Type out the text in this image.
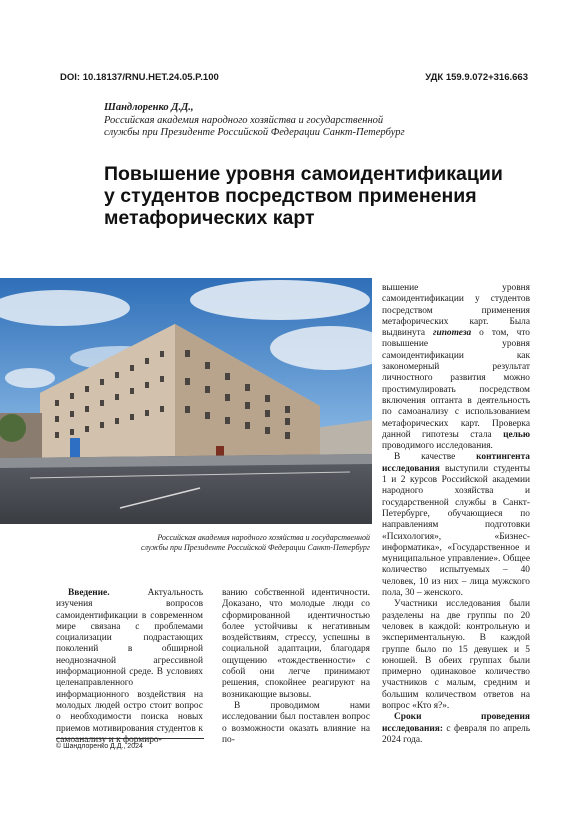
DOI: 10.18137/RNU.HET.24.05.P.100	УДК 159.9.072+316.663
Шандлоренко Д.Д.,
Российская академия народного хозяйства и государственной
службы при Президенте Российской Федерации Санкт-Петербург
Повышение уровня самоидентификации
у студентов посредством применения
метафорических карт
Российская академия народного хозяйства и государственной
службы при Президенте Российской Федерации Санкт-Петербург

вышение уровня самоидентификации у студентов посредством применения метафорических карт. Была выдвинута гипотеза о том, что повышение уровня самоидентификации как закономерный результат личностного развития можно простимулировать посредством включения оптанта в деятельность по самоанализу с использованием метафорических карт. Проверка данной гипотезы стала целью проводимого исследования.

В качестве контингента исследования выступили студенты 1 и 2 курсов Российской академии народного хозяйства и государственной службы в Санкт-Петербурге, обучающиеся по направлениям подготовки «Психология», «Бизнес-информатика», «Государственное и муниципальное управление». Общее количество испытуемых – 40 человек, 10 из них – лица мужского пола, 30 – женского.

Участники исследования были разделены на две группы по 20 человек в каждой: контрольную и экспериментальную. В каждой группе было по 15 девушек и 5 юношей. В обеих группах были примерно одинаковое количество участников с малым, средним и большим количеством ответов на вопрос «Кто я?».

Сроки проведения исследования: с февраля по апрель 2024 года.

Введение.	Актуальность изучения вопросов самоидентификации в современном мире связана с проблемами социализации подрастающих поколений в обширной неоднозначной агрессивной информационной среде. В условиях целенаправленного информационного воздействия на молодых людей остро стоит вопрос о необходимости поиска новых приемов мотивирования студентов к самоанализу и к формиро-

ванию собственной идентичности. Доказано, что молодые люди со сформированной идентичностью более устойчивы к негативным воздействиям, стрессу, успешны в социальной адаптации, благодаря ощущению «тождественности» с собой они легче принимают решения, спокойнее реагируют на возникающие вызовы.

В проводимом нами исследовании был поставлен вопрос о возможности оказать влияние на по-

© Шандлоренко Д.Д., 2024
